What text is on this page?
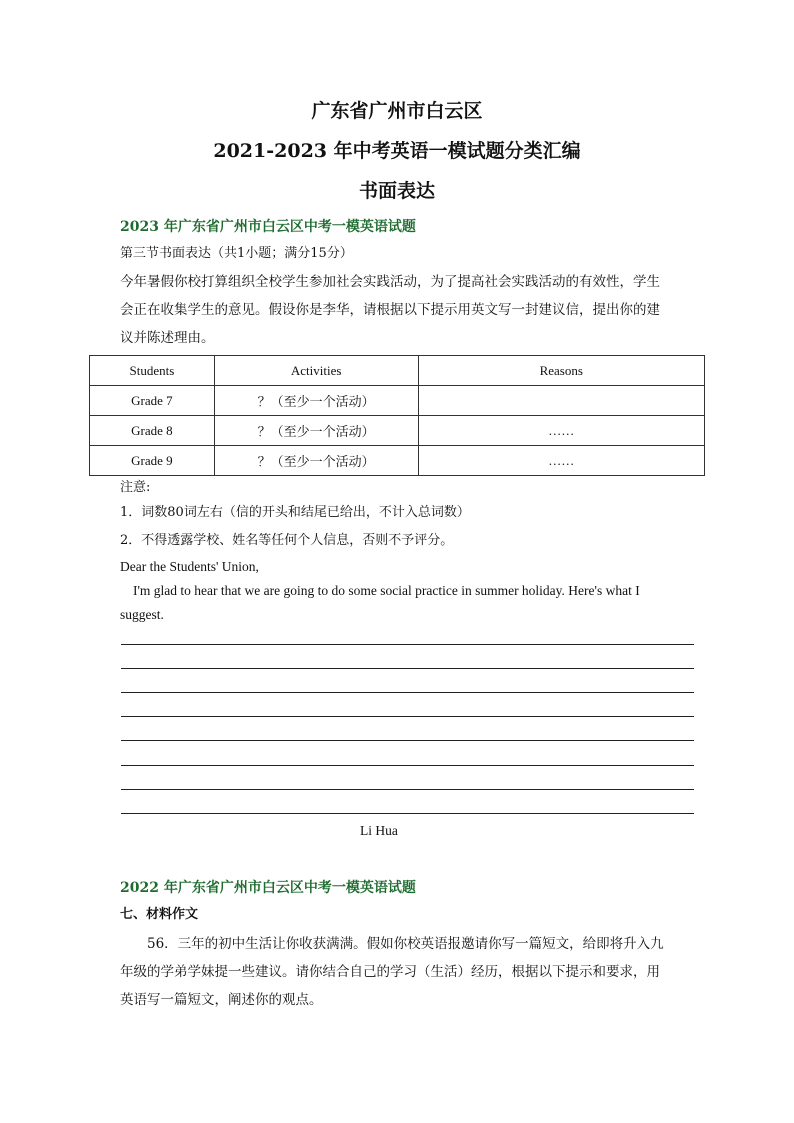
广东省广州市白云区
2021-2023 年中考英语一模试题分类汇编
书面表达
2023 年广东省广州市白云区中考一模英语试题
第三节书面表达（共1小题；满分15分）
今年暑假你校打算组织全校学生参加社会实践活动，为了提高社会实践活动的有效性，学生
会正在收集学生的意见。假设你是李华，请根据以下提示用英文写一封建议信，提出你的建
议并陈述理由。
Students	Activities	Reasons
Grade 7	？（至少一个活动）	
Grade 8	？（至少一个活动）	……
Grade 9	？（至少一个活动）	……
注意:
1．词数80词左右（信的开头和结尾已给出，不计入总词数）
2．不得透露学校、姓名等任何个人信息，否则不予评分。
Dear the Students' Union,
I'm glad to hear that we are going to do some social practice in summer holiday. Here's what I
suggest.
Li Hua
2022 年广东省广州市白云区中考一模英语试题
七、材料作文
56．三年的初中生活让你收获满满。假如你校英语报邀请你写一篇短文，给即将升入九
年级的学弟学妹提一些建议。请你结合自己的学习（生活）经历，根据以下提示和要求，用
英语写一篇短文，阐述你的观点。
